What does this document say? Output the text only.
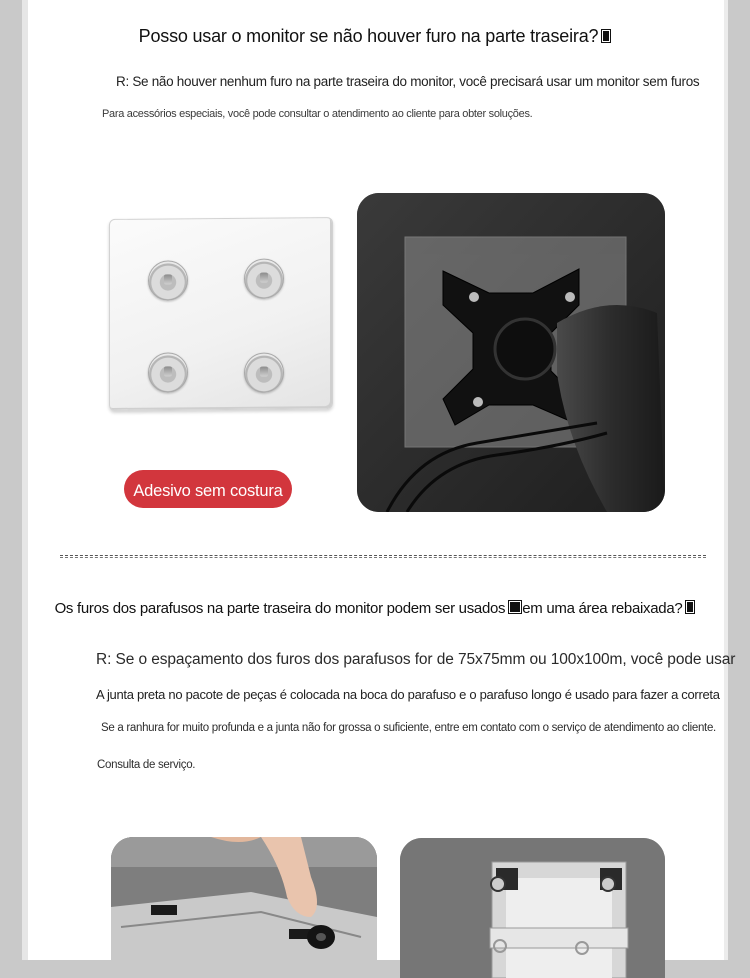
Posso usar o monitor se não houver furo na parte traseira?
R: Se não houver nenhum furo na parte traseira do monitor, você precisará usar um monitor sem furos
Para acessórios especiais, você pode consultar o atendimento ao cliente para obter soluções.
Adesivo sem costura
Os furos dos parafusos na parte traseira do monitor podem ser usados em uma área rebaixada?
R: Se o espaçamento dos furos dos parafusos for de 75x75mm ou 100x100m, você pode usar
A junta preta no pacote de peças é colocada na boca do parafuso e o parafuso longo é usado para fazer a correta
Se a ranhura for muito profunda e a junta não for grossa o suficiente, entre em contato com o serviço de atendimento ao cliente.
Consulta de serviço.
